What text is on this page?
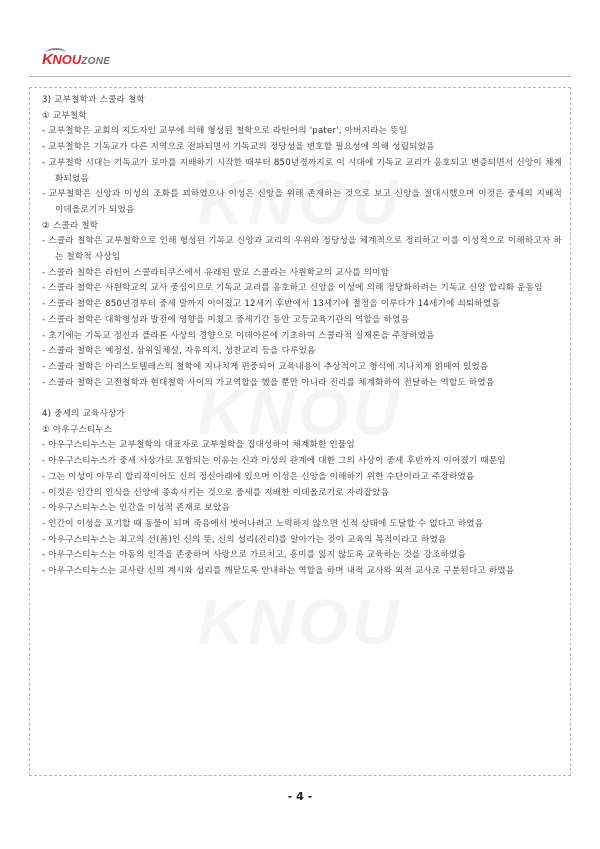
KNOUZONE

3) 교부철학과 스콜라 철학

① 교부철학

- 교부철학은 교회의 지도자인 교부에 의해 형성된 철학으로 라틴어의 'pater', 아버지라는 뜻임

- 교부철학은 기독교가 다른 지역으로 전파되면서 기독교의 정당성을 변호할 필요성에 의해 성립되었음

- 교부철학 시대는 기독교가 로마를 지배하기 시작한 때부터 850년경까지로 이 시대에 기독교 교리가 옹호되고 변증되면서 신앙이 체계화되었음

- 교부철학은 신앙과 이성의 조화를 꾀하였으나 이성은 신앙을 위해 존재하는 것으로 보고 신앙을 절대시했으며 이것은 중세의 지배적 이데올로기가 되었음

② 스콜라 철학

- 스콜라 철학은 교부철학으로 인해 형성된 기독교 신앙과 교리의 우위와 정당성을 체계적으로 정리하고 이를 이성적으로 이해하고자 하는 철학적 사상임

- 스콜라 철학은 라틴어 스콜라티쿠스에서 유래된 말로 스콜라는 사원학교의 교사를 의미함

- 스콜라 철학은 사원학교의 교사 중심이므로 기독교 교리를 옹호하고 신앙을 이성에 의해 정당화하려는 기독교 신앙 합리화 운동임

- 스콜라 철학은 850년경부터 중세 말까지 이어졌고 12세기 후반에서 13세기에 절정을 이루다가 14세기에 쇠퇴하였음

- 스콜라 철학은 대학형성과 발전에 영향을 미쳤고 중세기간 동안 고등교육기관의 역할을 하였음

- 초기에는 기독교 정신과 플라톤 사상의 경향으로 이데아론에 기초하여 스콜라적 실재론을 주장하였음

- 스콜라 철학은 예정설, 삼위일체설, 자유의지, 성찬교리 등을 다루었음

- 스콜라 철학은 아리스토텔레스의 철학에 지나치게 편중되어 교육내용이 추상적이고 형식에 지나치게 얽매여 있었음

- 스콜라 철학은 고전철학과 현대철학 사이의 가교역할을 했을 뿐만 아니라 진리를 체계화하여 전달하는 역할도 하였음

4) 중세의 교육사상가

① 아우구스티누스

- 아우구스티누스는 교부철학의 대표자로 교부철학을 집대성하여 체계화한 인물임

- 아우구스티누스가 중세 사상가로 포함되는 이유는 신과 이성의 관계에 대한 그의 사상이 중세 후반까지 이어졌기 때문임

- 그는 이성이 아무리 합리적이어도 신의 정신아래에 있으며 이성은 신앙을 이해하기 위한 수단이라고 주장하였음

- 이것은 인간의 인식을 신앙에 종속시키는 것으로 중세를 지배한 이데올로기로 자리잡았음

- 아우구스티누스는 인간을 이성적 존재로 보았음

- 인간이 이성을 포기할 때 동물이 되며 죽음에서 벗어나려고 노력하지 않으면 신적 상태에 도달할 수 없다고 하였음

- 아우구스티누스는 최고의 선(善)인 신의 뜻, 신의 섭리(진리)를 알아가는 것이 교육의 목적이라고 하였음

- 아우구스티누스는 아동의 인격을 존중하며 사랑으로 가르치고, 흥미를 잃지 않도록 교육하는 것을 강조하였음

- 아우구스티누스는 교사란 신의 계시와 섭리를 깨닫도록 안내하는 역할을 하며 내적 교사와 외적 교사로 구분된다고 하였음

- 4 -
